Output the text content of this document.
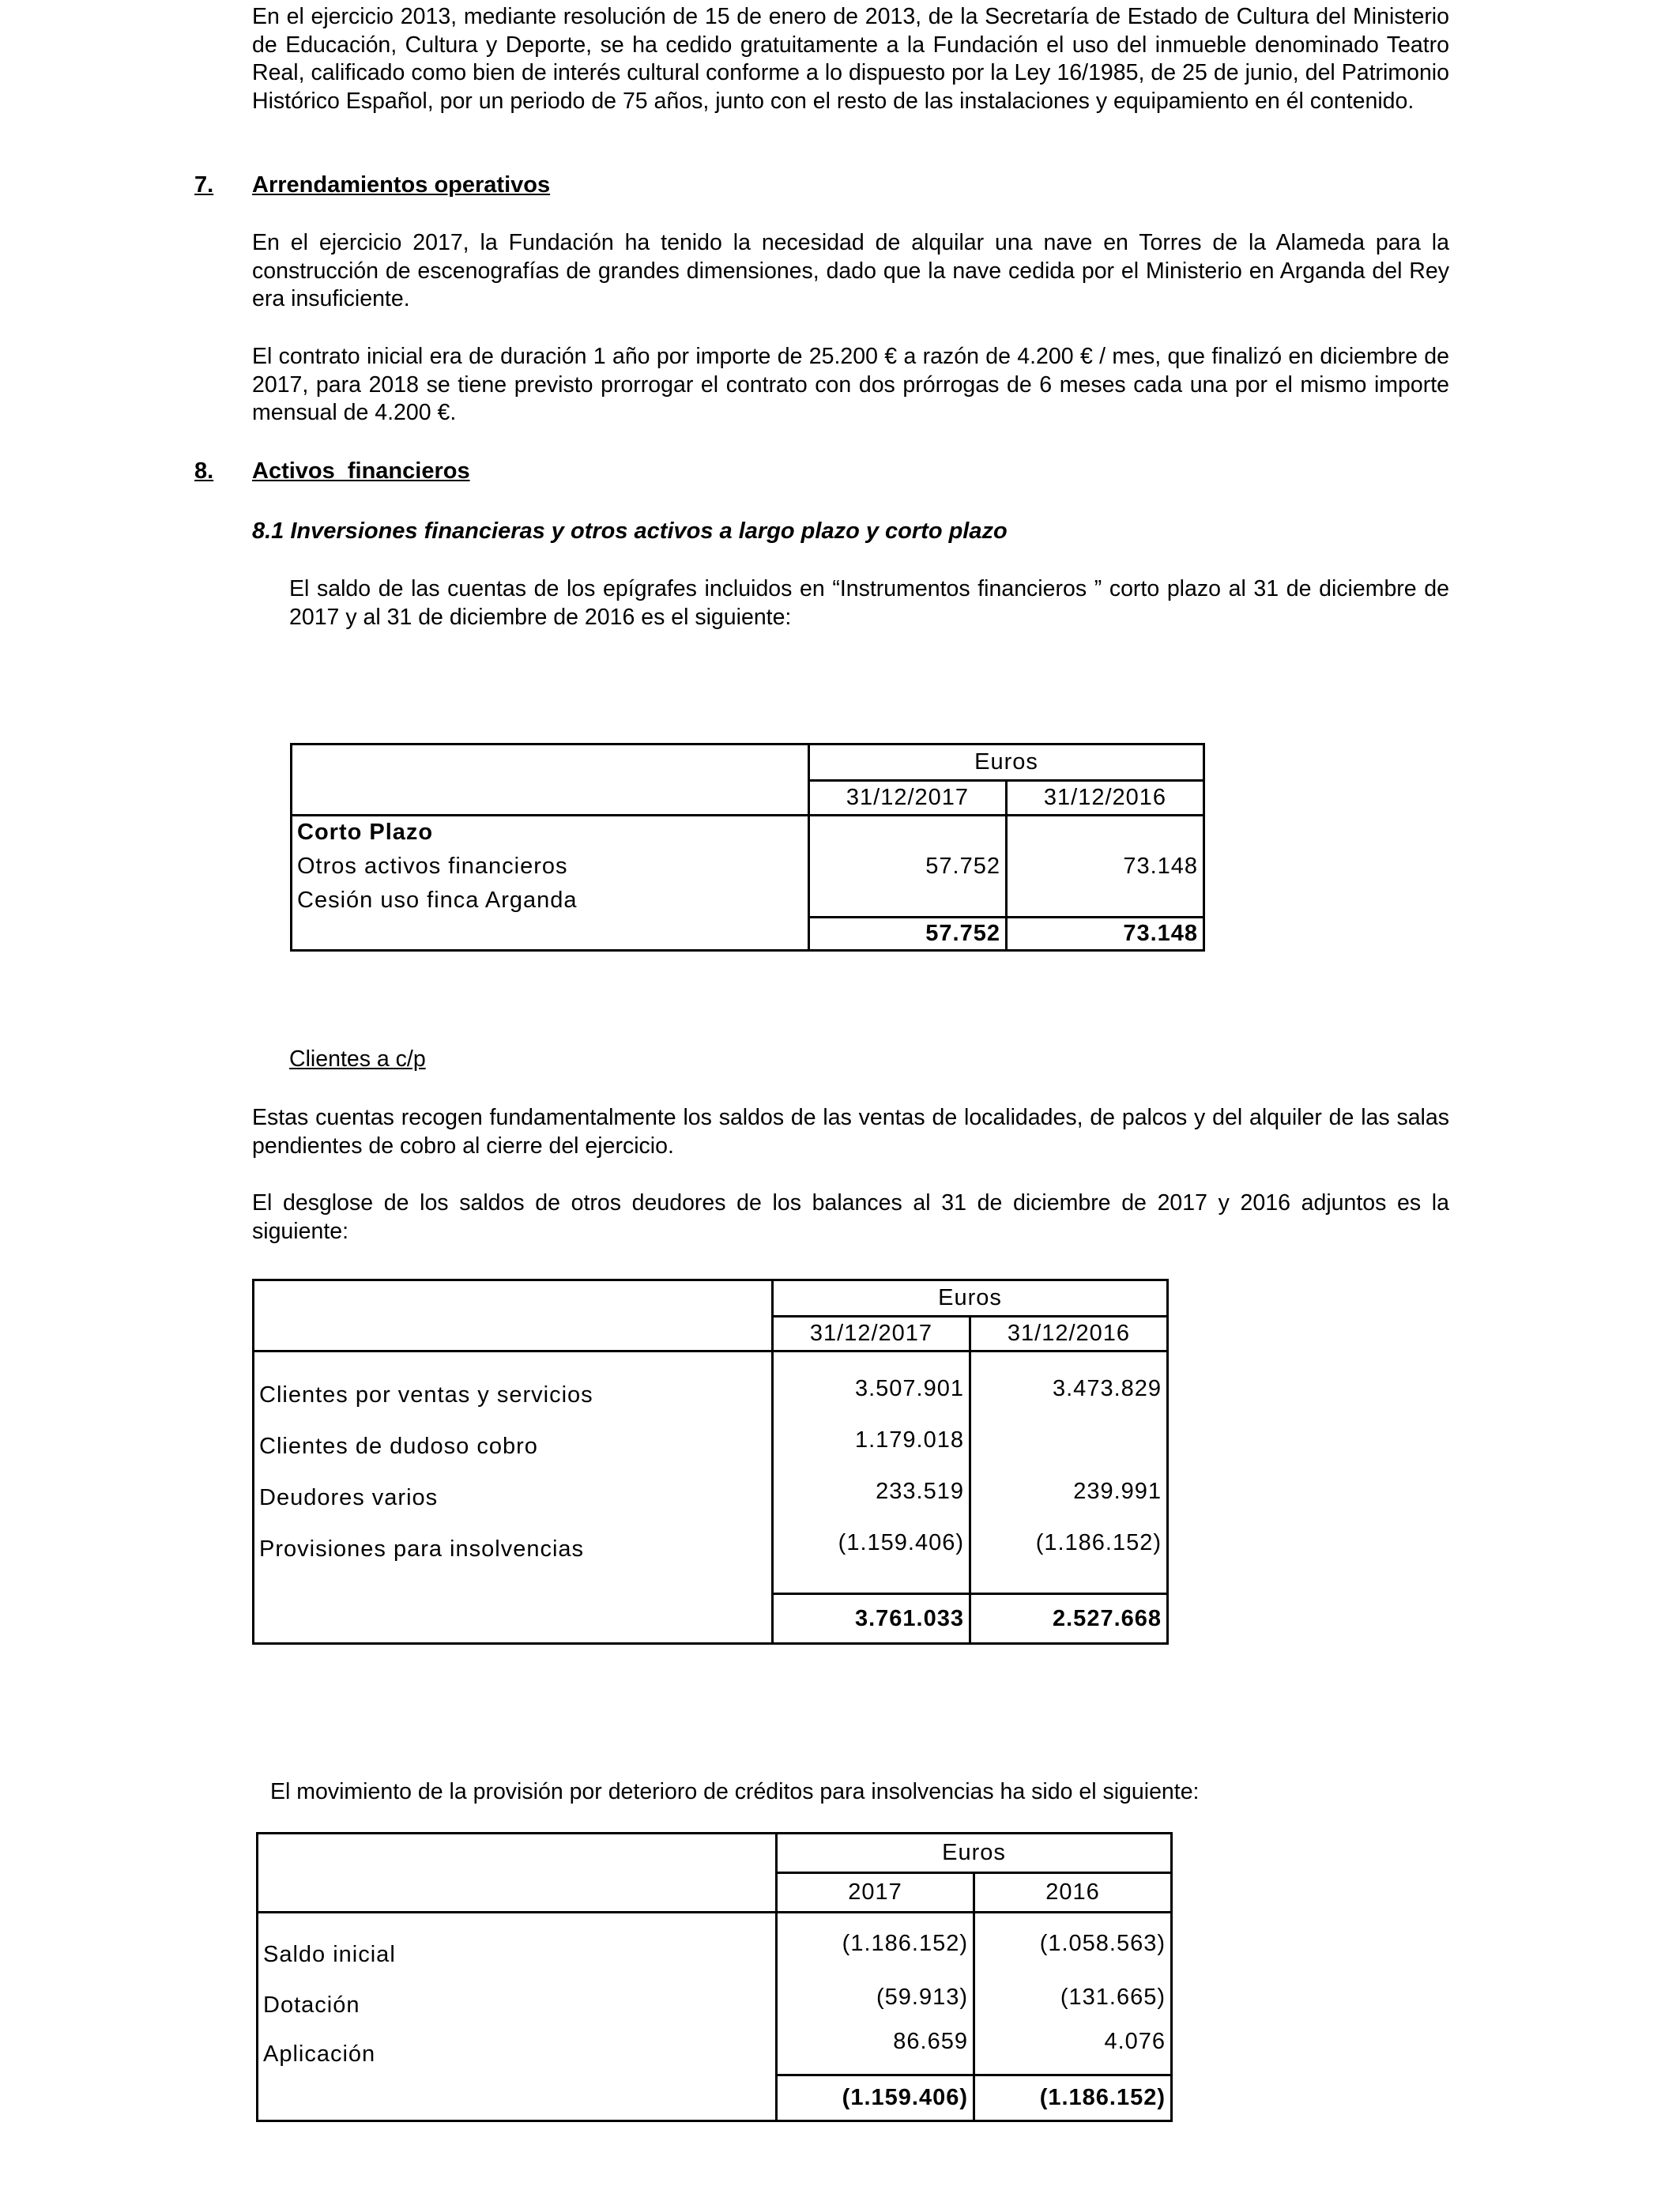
En el ejercicio 2013, mediante resolución de 15 de enero de 2013, de la Secretaría de Estado de Cultura del Ministerio de Educación, Cultura y Deporte, se ha cedido gratuitamente a la Fundación el uso del inmueble denominado Teatro Real, calificado como bien de interés cultural conforme a lo dispuesto por la Ley 16/1985, de 25 de junio, del Patrimonio Histórico Español, por un periodo de 75 años, junto con el resto de las instalaciones y equipamiento en él contenido.

7. Arrendamientos operativos

En el ejercicio 2017, la Fundación ha tenido la necesidad de alquilar una nave en Torres de la Alameda para la construcción de escenografías de grandes dimensiones, dado que la nave cedida por el Ministerio en Arganda del Rey era insuficiente.

El contrato inicial era de duración 1 año por importe de 25.200 € a razón de 4.200 € / mes, que finalizó en diciembre de 2017, para 2018 se tiene previsto prorrogar el contrato con dos prórrogas de 6 meses cada una por el mismo importe mensual de 4.200 €.

8. Activos  financieros
8.1 Inversiones financieras y otros activos a largo plazo y corto plazo

El saldo de las cuentas de los epígrafes incluidos en “Instrumentos financieros ” corto plazo al 31 de diciembre de 2017 y al 31 de diciembre de 2016 es el siguiente:

	Euros	
	31/12/2017	31/12/2016
Corto Plazo		
Otros activos financieros	57.752	73.148
Cesión uso finca Arganda		
	57.752	73.148
Clientes a c/p

Estas cuentas recogen fundamentalmente los saldos de las ventas de localidades, de palcos y del alquiler de las salas pendientes de cobro al cierre del ejercicio.

El desglose de los saldos de otros deudores de los balances al 31 de diciembre de 2017 y 2016 adjuntos es la siguiente:

	Euros	
	31/12/2017	31/12/2016
Clientes por ventas y servicios	3.507.901	3.473.829
Clientes de dudoso cobro	1.179.018	
Deudores varios	233.519	239.991
Provisiones para insolvencias	(1.159.406)	(1.186.152)

	3.761.033	2.527.668

El movimiento de la provisión por deterioro de créditos para insolvencias ha sido el siguiente:

	Euros	
	2017	2016
Saldo inicial	(1.186.152)	(1.058.563)
Dotación	(59.913)	(131.665)
Aplicación	86.659	4.076
	(1.159.406)	(1.186.152)
